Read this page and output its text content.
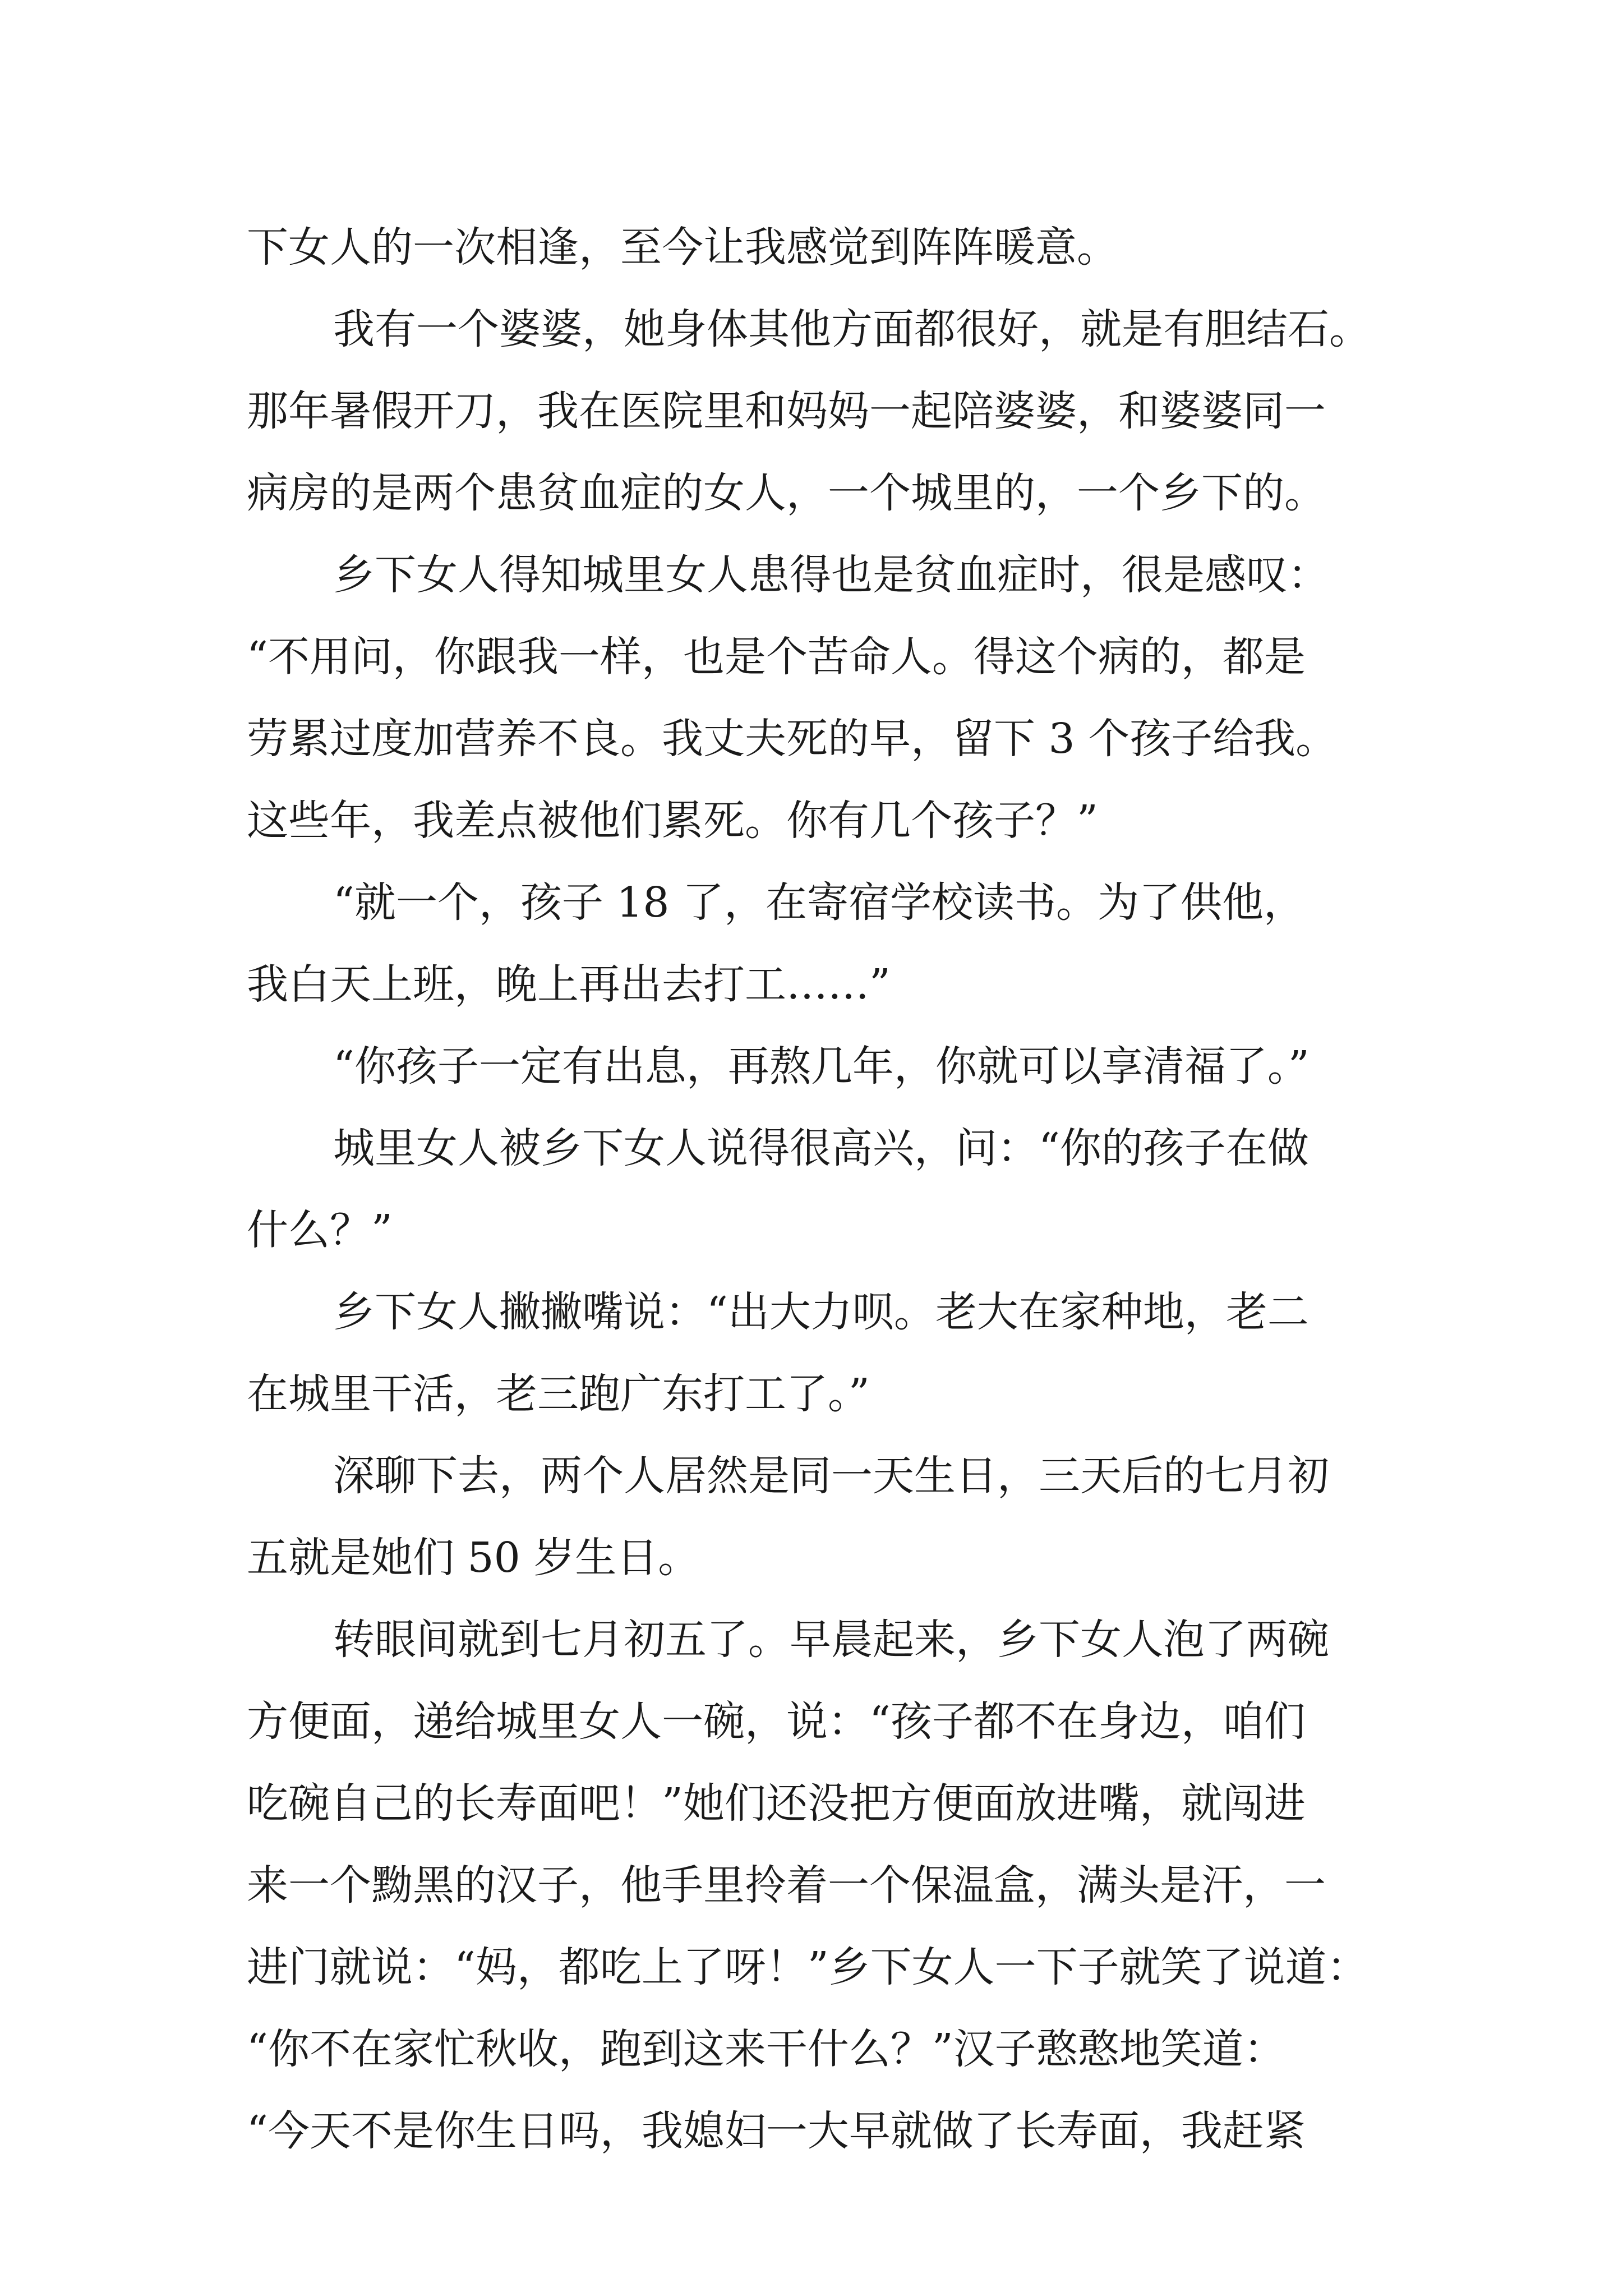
下女人的一次相逢，至今让我感觉到阵阵暖意。
我有一个婆婆，她身体其他方面都很好，就是有胆结石。
那年暑假开刀，我在医院里和妈妈一起陪婆婆，和婆婆同一
病房的是两个患贫血症的女人，一个城里的，一个乡下的。
乡下女人得知城里女人患得也是贫血症时，很是感叹：
“不用问，你跟我一样，也是个苦命人。得这个病的，都是
劳累过度加营养不良。我丈夫死的早，留下 3 个孩子给我。
这些年，我差点被他们累死。你有几个孩子？”
“就一个，孩子 18 了，在寄宿学校读书。为了供他，
我白天上班，晚上再出去打工……”
“你孩子一定有出息，再熬几年，你就可以享清福了。”
城里女人被乡下女人说得很高兴，问：“你的孩子在做
什么？”
乡下女人撇撇嘴说：“出大力呗。老大在家种地，老二
在城里干活，老三跑广东打工了。”
深聊下去，两个人居然是同一天生日，三天后的七月初
五就是她们 50 岁生日。
转眼间就到七月初五了。早晨起来，乡下女人泡了两碗
方便面，递给城里女人一碗，说：“孩子都不在身边，咱们
吃碗自己的长寿面吧！”她们还没把方便面放进嘴，就闯进
来一个黝黑的汉子，他手里拎着一个保温盒，满头是汗，一
进门就说：“妈，都吃上了呀！”乡下女人一下子就笑了说道：
“你不在家忙秋收，跑到这来干什么？”汉子憨憨地笑道：
“今天不是你生日吗，我媳妇一大早就做了长寿面，我赶紧
